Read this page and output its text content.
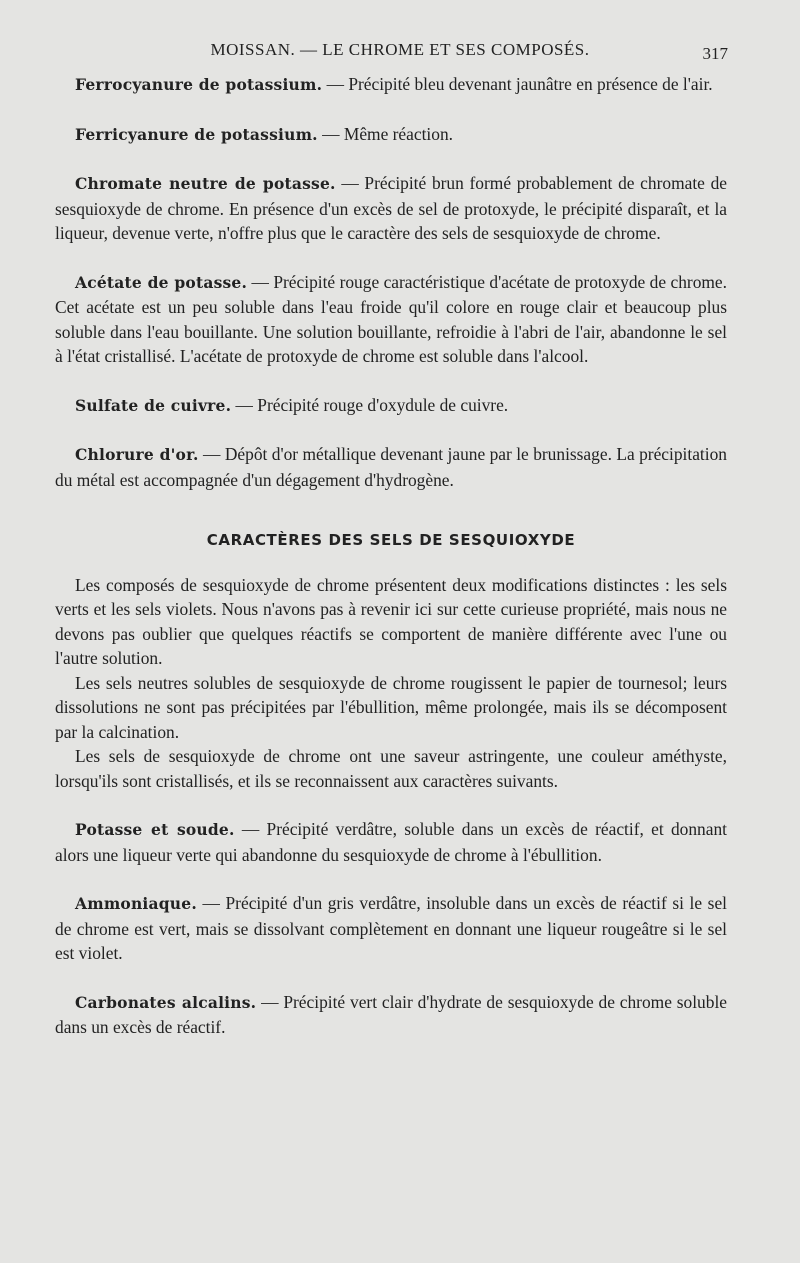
MOISSAN. — LE CHROME ET SES COMPOSÉS.	317

Ferrocyanure de potassium. — Précipité bleu devenant jaunâtre en présence de l'air.

Ferricyanure de potassium. — Même réaction.

Chromate neutre de potasse. — Précipité brun formé probablement de chromate de sesquioxyde de chrome. En présence d'un excès de sel de protoxyde, le précipité disparaît, et la liqueur, devenue verte, n'offre plus que le caractère des sels de sesquioxyde de chrome.

Acétate de potasse. — Précipité rouge caractéristique d'acétate de protoxyde de chrome. Cet acétate est un peu soluble dans l'eau froide qu'il colore en rouge clair et beaucoup plus soluble dans l'eau bouillante. Une solution bouillante, refroidie à l'abri de l'air, abandonne le sel à l'état cristallisé. L'acétate de protoxyde de chrome est soluble dans l'alcool.

Sulfate de cuivre. — Précipité rouge d'oxydule de cuivre.

Chlorure d'or. — Dépôt d'or métallique devenant jaune par le brunissage. La précipitation du métal est accompagnée d'un dégagement d'hydrogène.

CARACTÈRES DES SELS DE SESQUIOXYDE

Les composés de sesquioxyde de chrome présentent deux modifications distinctes : les sels verts et les sels violets. Nous n'avons pas à revenir ici sur cette curieuse propriété, mais nous ne devons pas oublier que quelques réactifs se comportent de manière différente avec l'une ou l'autre solution.

Les sels neutres solubles de sesquioxyde de chrome rougissent le papier de tournesol; leurs dissolutions ne sont pas précipitées par l'ébullition, même prolongée, mais ils se décomposent par la calcination.

Les sels de sesquioxyde de chrome ont une saveur astringente, une couleur améthyste, lorsqu'ils sont cristallisés, et ils se reconnaissent aux caractères suivants.

Potasse et soude. — Précipité verdâtre, soluble dans un excès de réactif, et donnant alors une liqueur verte qui abandonne du sesquioxyde de chrome à l'ébullition.

Ammoniaque. — Précipité d'un gris verdâtre, insoluble dans un excès de réactif si le sel de chrome est vert, mais se dissolvant complètement en donnant une liqueur rougeâtre si le sel est violet.

Carbonates alcalins. — Précipité vert clair d'hydrate de sesquioxyde de chrome soluble dans un excès de réactif.
